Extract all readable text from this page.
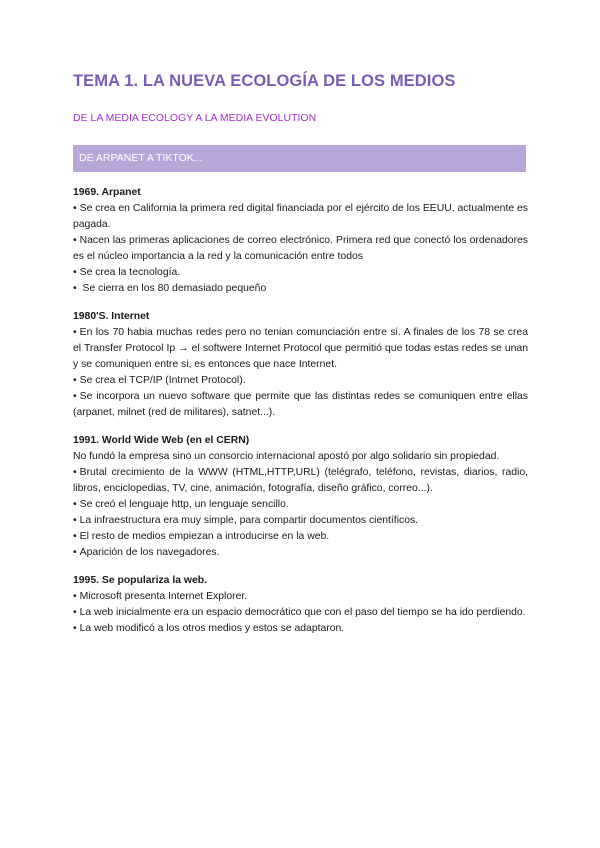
TEMA 1. LA NUEVA ECOLOGÍA DE LOS MEDIOS
DE LA MEDIA ECOLOGY A LA MEDIA EVOLUTION
DE ARPANET A TIKTOK...

1969. Arpanet

• Se crea en California la primera red digital financiada por el ejército de los EEUU, actualmente es pagada.

• Nacen las primeras aplicaciones de correo electrónico. Primera red que conectó los ordenadores es el núcleo importancia a la red y la comunicación entre todos

• Se crea la tecnología.

• Se cierra en los 80 demasiado pequeño

1980'S. Internet

• En los 70 habia muchas redes pero no tenian comunciación entre si. A finales de los 78 se crea el Transfer Protocol Ip → el softwere Internet Protocol que permitió que todas estas redes se unan y se comuniquen entre si, es entonces que nace Internet.

• Se crea el TCP/IP (Intrnet Protocol).

• Se incorpora un nuevo software que permite que las distintas redes se comuniquen entre ellas (arpanet, milnet (red de militares), satnet...).

1991. World Wide Web (en el CERN)

No fundó la empresa sino un consorcio internacional apostó por algo solidario sin propiedad.

• Brutal crecimiento de la WWW (HTML,HTTP,URL) (telégrafo, teléfono, revistas, diarios, radio, libros, enciclopedias, TV, cine, animación, fotografía, diseño gráfico, correo...).

• Se creó el lenguaje http, un lenguaje sencillo.

• La infraestructura era muy simple, para compartir documentos científicos.

• El resto de medios empiezan a introducirse en la web.

• Aparición de los navegadores.

1995. Se populariza la web.

• Microsoft presenta Internet Explorer.

• La web inicialmente era un espacio democrático que con el paso del tiempo se ha ido perdiendo.

• La web modificó a los otros medios y estos se adaptaron.
